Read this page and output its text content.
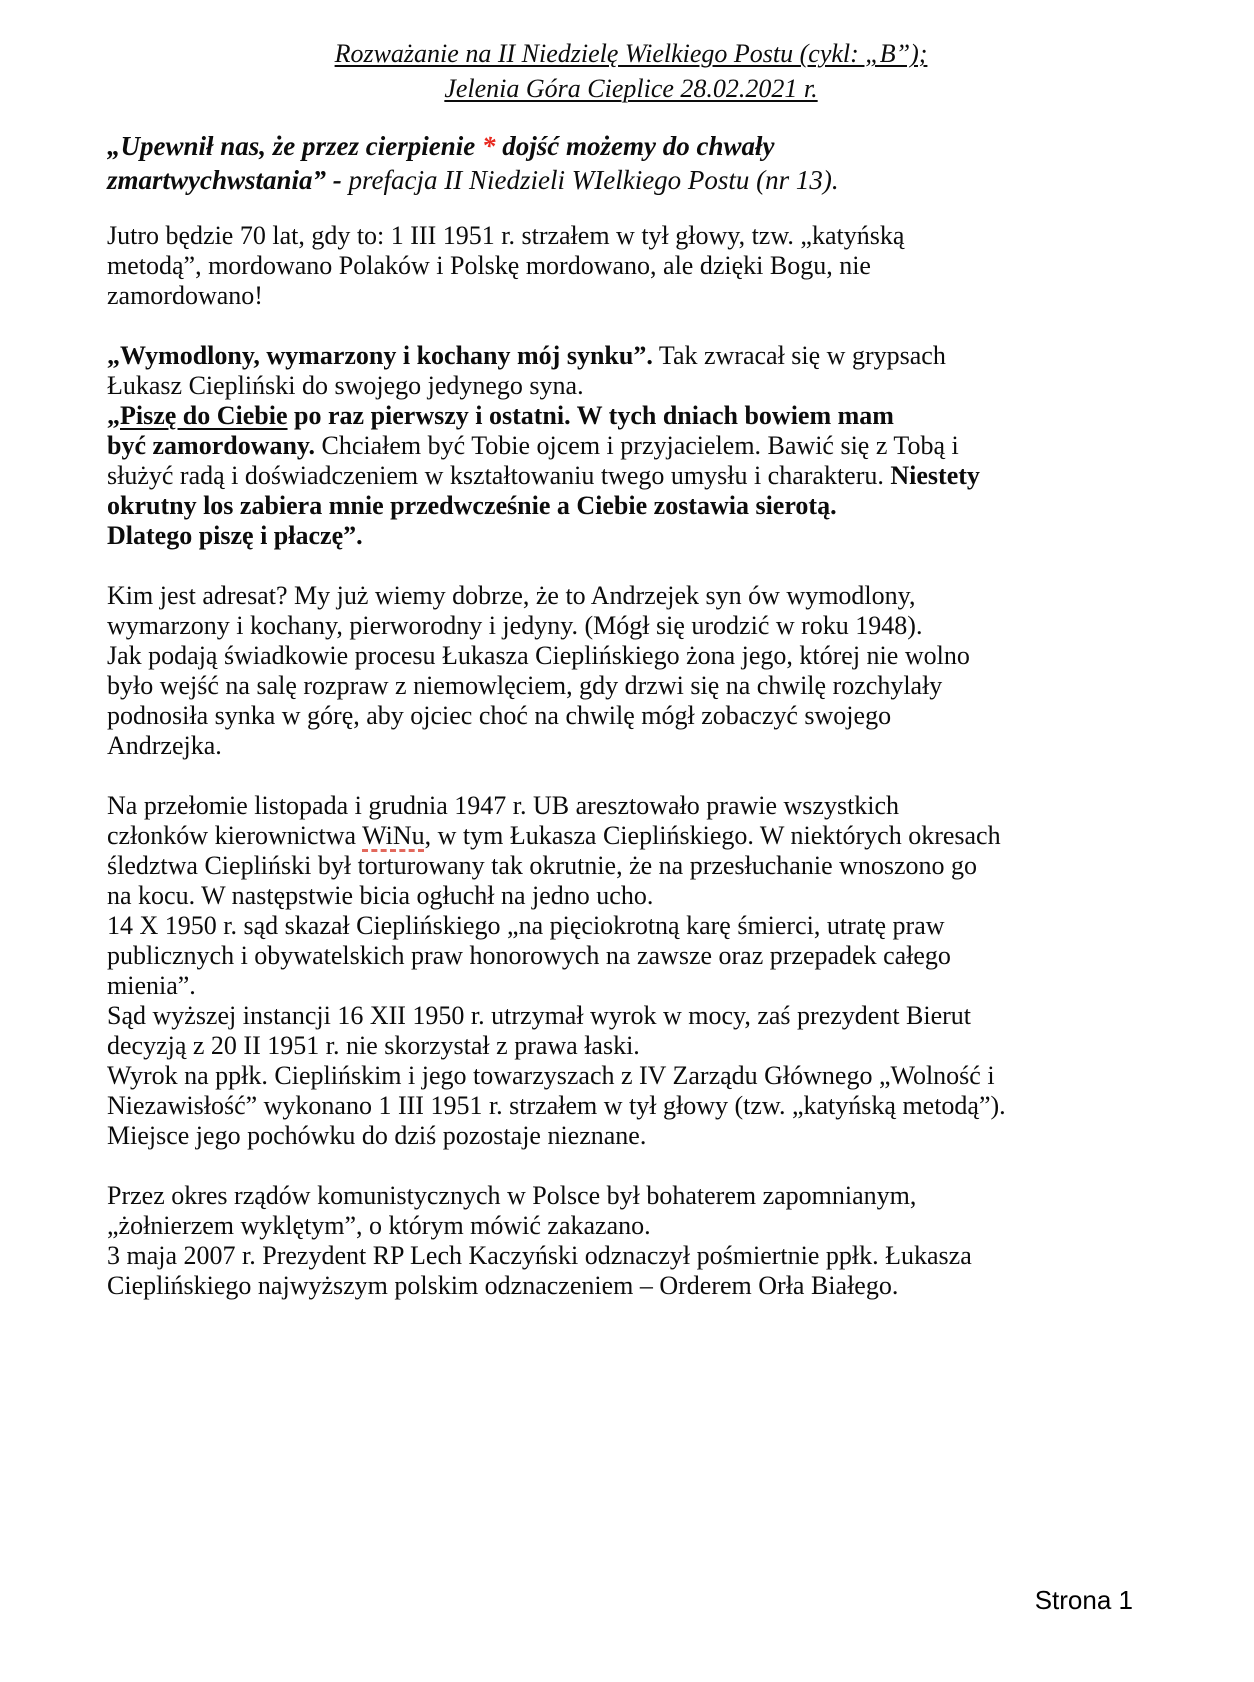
Rozważanie na II Niedzielę Wielkiego Postu (cykl: „B”);
Jelenia Góra Cieplice 28.02.2021 r.
„Upewnił nas, że przez cierpienie * dojść możemy do chwały
zmartwychwstania” - prefacja II Niedzieli WIelkiego Postu (nr 13).
Jutro będzie 70 lat, gdy to: 1 III 1951 r. strzałem w tył głowy, tzw. „katyńską
metodą”, mordowano Polaków i Polskę mordowano, ale dzięki Bogu, nie
zamordowano!
„Wymodlony, wymarzony i kochany mój synku”. Tak zwracał się w grypsach
Łukasz Ciepliński do swojego jedynego syna.
„Piszę do Ciebie po raz pierwszy i ostatni. W tych dniach bowiem mam
być zamordowany. Chciałem być Tobie ojcem i przyjacielem. Bawić się z Tobą i
służyć radą i doświadczeniem w kształtowaniu twego umysłu i charakteru. Niestety
okrutny los zabiera mnie przedwcześnie a Ciebie zostawia sierotą.
Dlatego piszę i płaczę”.
Kim jest adresat? My już wiemy dobrze, że to Andrzejek syn ów wymodlony,
wymarzony i kochany, pierworodny i jedyny. (Mógł się urodzić w roku 1948).
Jak podają świadkowie procesu Łukasza Cieplińskiego żona jego, której nie wolno
było wejść na salę rozpraw z niemowlęciem, gdy drzwi się na chwilę rozchylały
podnosiła synka w górę, aby ojciec choć na chwilę mógł zobaczyć swojego
Andrzejka.
Na przełomie listopada i grudnia 1947 r. UB aresztowało prawie wszystkich
członków kierownictwa WiNu, w tym Łukasza Cieplińskiego. W niektórych okresach
śledztwa Ciepliński był torturowany tak okrutnie, że na przesłuchanie wnoszono go
na kocu. W następstwie bicia ogłuchł na jedno ucho.
14 X 1950 r. sąd skazał Cieplińskiego „na pięciokrotną karę śmierci, utratę praw
publicznych i obywatelskich praw honorowych na zawsze oraz przepadek całego
mienia”.
Sąd wyższej instancji 16 XII 1950 r. utrzymał wyrok w mocy, zaś prezydent Bierut
decyzją z 20 II 1951 r. nie skorzystał z prawa łaski.
Wyrok na ppłk. Cieplińskim i jego towarzyszach z IV Zarządu Głównego „Wolność i
Niezawisłość” wykonano 1 III 1951 r. strzałem w tył głowy (tzw. „katyńską metodą”).
Miejsce jego pochówku do dziś pozostaje nieznane.
Przez okres rządów komunistycznych w Polsce był bohaterem zapomnianym,
„żołnierzem wyklętym”, o którym mówić zakazano.
3 maja 2007 r. Prezydent RP Lech Kaczyński odznaczył pośmiertnie ppłk. Łukasza
Cieplińskiego najwyższym polskim odznaczeniem – Orderem Orła Białego.
Strona 1
